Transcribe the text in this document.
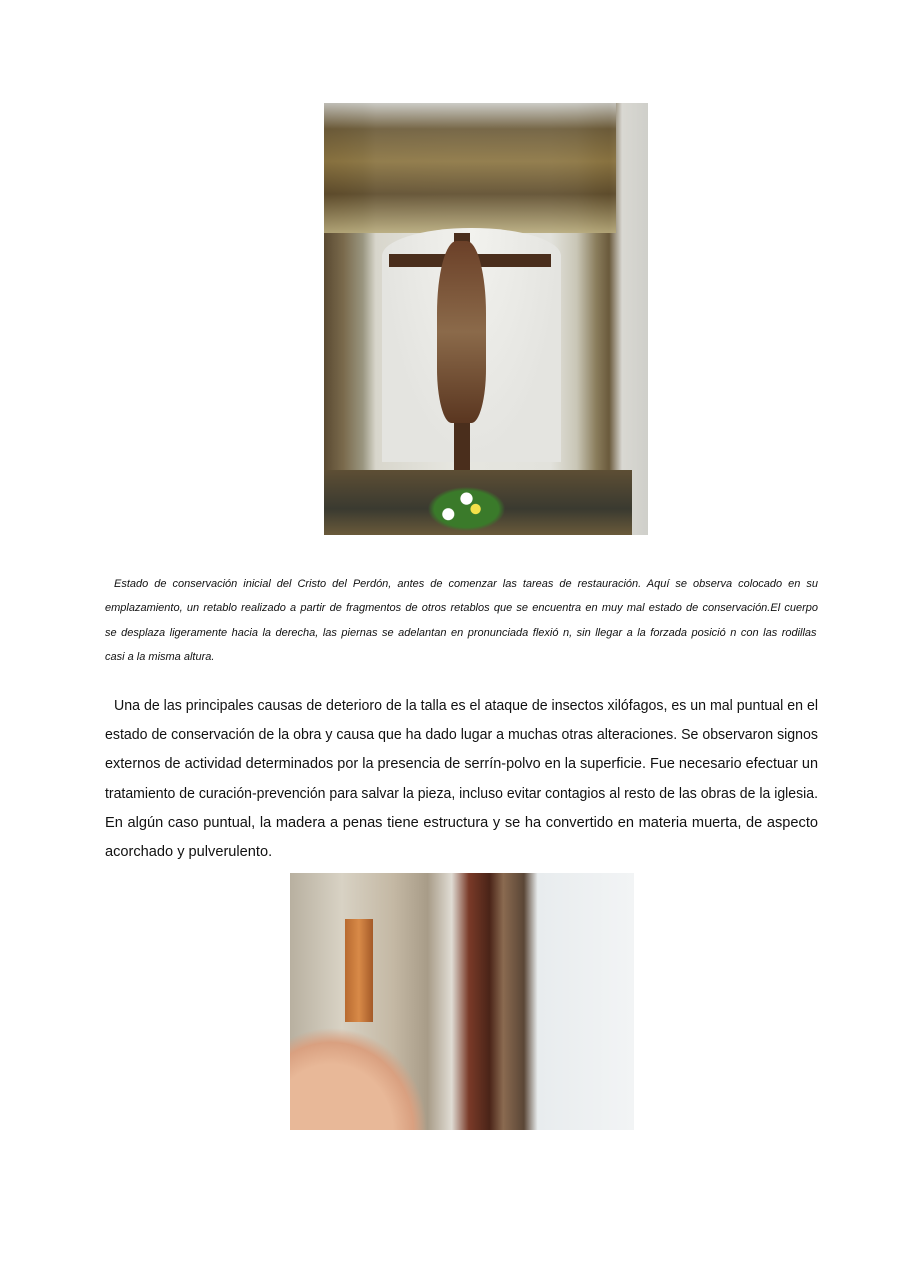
Estado de conservación inicial del Cristo del Perdón, antes de comenzar las tareas de restauración. Aquí se observa colocado en su
emplazamiento, un retablo realizado a partir de fragmentos de otros retablos que se encuentra en muy mal estado de conservación.El cuerpo
se desplaza ligeramente hacia la derecha, las piernas se adelantan en pronunciada flexió n, sin llegar a la forzada posició n con las rodillas
casi a la misma altura.
Una de las principales causas de deterioro de la talla es el ataque de insectos xilófagos, es un mal puntual en el
estado de conservación de la obra y causa que ha dado lugar a muchas otras alteraciones. Se observaron signos
externos de actividad determinados por la presencia de serrín-polvo en la superficie. Fue necesario efectuar un
tratamiento de curación-prevención para salvar la pieza, incluso evitar contagios al resto de las obras de la iglesia.
En algún caso puntual, la madera a penas tiene estructura y se ha convertido en materia muerta, de aspecto
acorchado y pulverulento.
